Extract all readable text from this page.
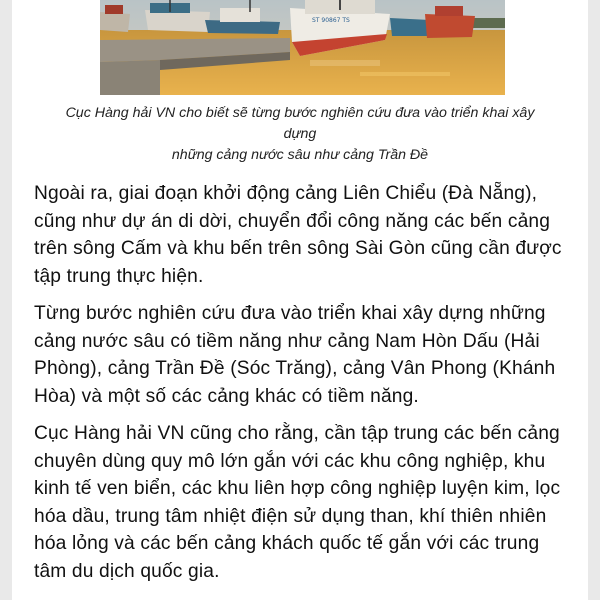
ST 90867 TS
Cục Hàng hải VN cho biết sẽ từng bước nghiên cứu đưa vào triển khai xây
dựng
những cảng nước sâu như cảng Trần Đề

Ngoài ra, giai đoạn khởi động cảng Liên Chiểu (Đà Nẵng),
cũng như dự án di dời, chuyển đổi công năng các bến cảng
trên sông Cấm và khu bến trên sông Sài Gòn cũng cần được
tập trung thực hiện.

Từng bước nghiên cứu đưa vào triển khai xây dựng những
cảng nước sâu có tiềm năng như cảng Nam Hòn Dấu (Hải
Phòng), cảng Trần Đề (Sóc Trăng), cảng Vân Phong (Khánh
Hòa) và một số các cảng khác có tiềm năng.

Cục Hàng hải VN cũng cho rằng, cần tập trung các bến cảng
chuyên dùng quy mô lớn gắn với các khu công nghiệp, khu
kinh tế ven biển, các khu liên hợp công nghiệp luyện kim, lọc
hóa dầu, trung tâm nhiệt điện sử dụng than, khí thiên nhiên
hóa lỏng và các bến cảng khách quốc tế gắn với các trung
tâm du dịch quốc gia.
